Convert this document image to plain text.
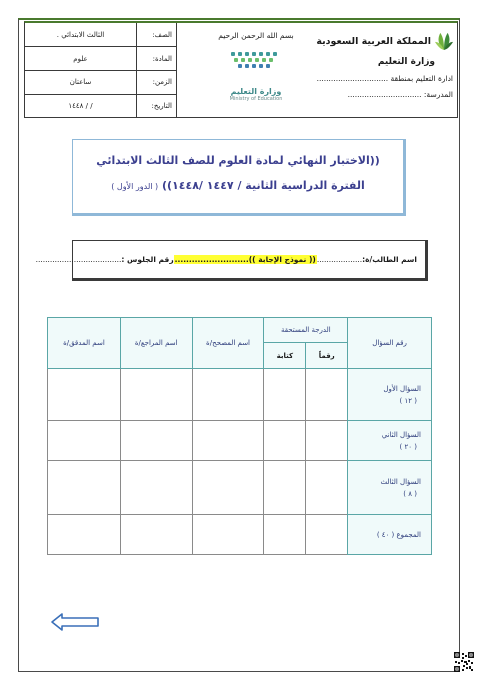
المملكة العربية السعودية
وزارة التعليم
ادارة التعليم بمنطقة ..............................
المدرسة: ...............................
بسم الله الرحمن الرحيم
وزارة التعليم
Ministry of Education
الصف:	الثالث الابتدائي .
المادة:	علوم
الزمن:	ساعتان
التاريخ:	/ / ١٤٤٨
((الاختبار النهائي لمادة العلوم للصف الثالث الابتدائي
الفترة الدراسية الثانية / ١٤٤٧ /١٤٤٨)) ( الدور الأول )
اسم الطالب/ة:
...................
(( نموذج الإجابة ))..........................
رقم الجلوس :
....................................
رقم السؤال	الدرجة المستحقة		اسم المصحح/ة	اسم المراجع/ة	اسم المدقق/ة
	رقماً	كتابة			

السؤال الأول
( ١٢ )					

السؤال الثاني
( ٢٠ )					

السؤال الثالث
( ٨ )					

المجموع ( ٤٠ )					
